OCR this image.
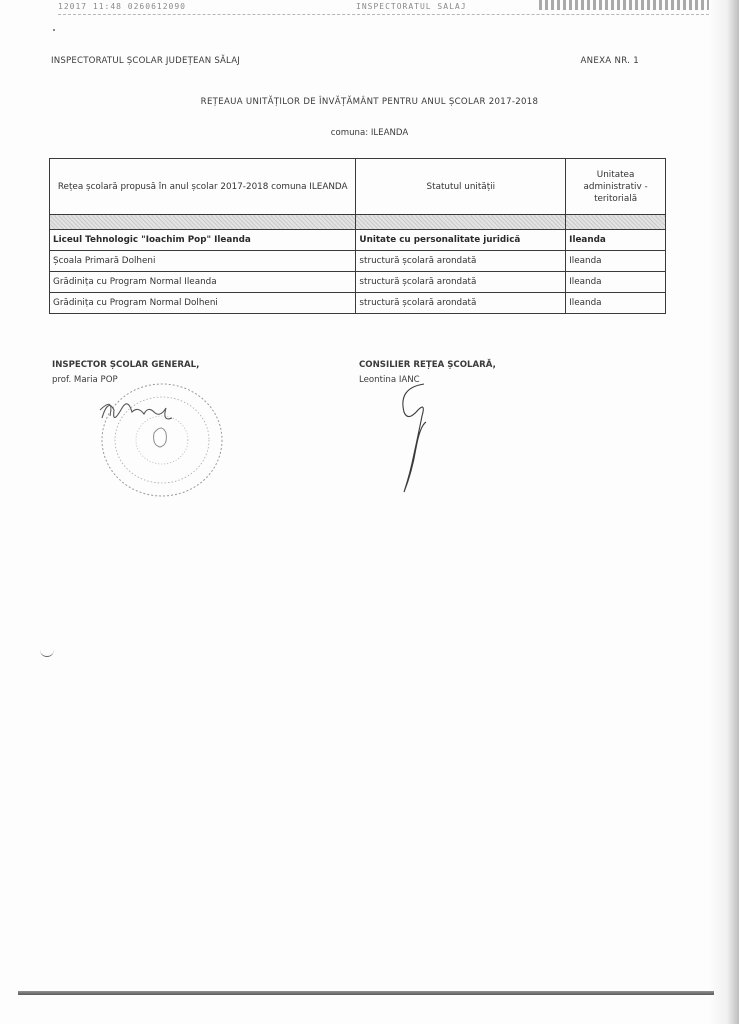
12017 11:48 0260612090	INSPECTORATUL SALAJ
INSPECTORATUL ȘCOLAR JUDEȚEAN SĂLAJ	ANEXA NR. 1
REȚEAUA UNITĂȚILOR DE ÎNVĂȚĂMÂNT PENTRU ANUL ȘCOLAR 2017-2018
comuna: ILEANDA
Rețea școlară propusă în anul școlar 2017-2018 comuna ILEANDA	Statutul unității	Unitatea administrativ - teritorială

Liceul Tehnologic "Ioachim Pop" Ileanda	Unitate cu personalitate juridică	Ileanda
Școala Primară Dolheni	structură școlară arondată	Ileanda
Grădinița cu Program Normal Ileanda	structură școlară arondată	Ileanda
Grădinița cu Program Normal Dolheni	structură școlară arondată	Ileanda
INSPECTOR ȘCOLAR GENERAL,
prof. Maria POP
CONSILIER REȚEA ȘCOLARĂ,
Leontina IANC
